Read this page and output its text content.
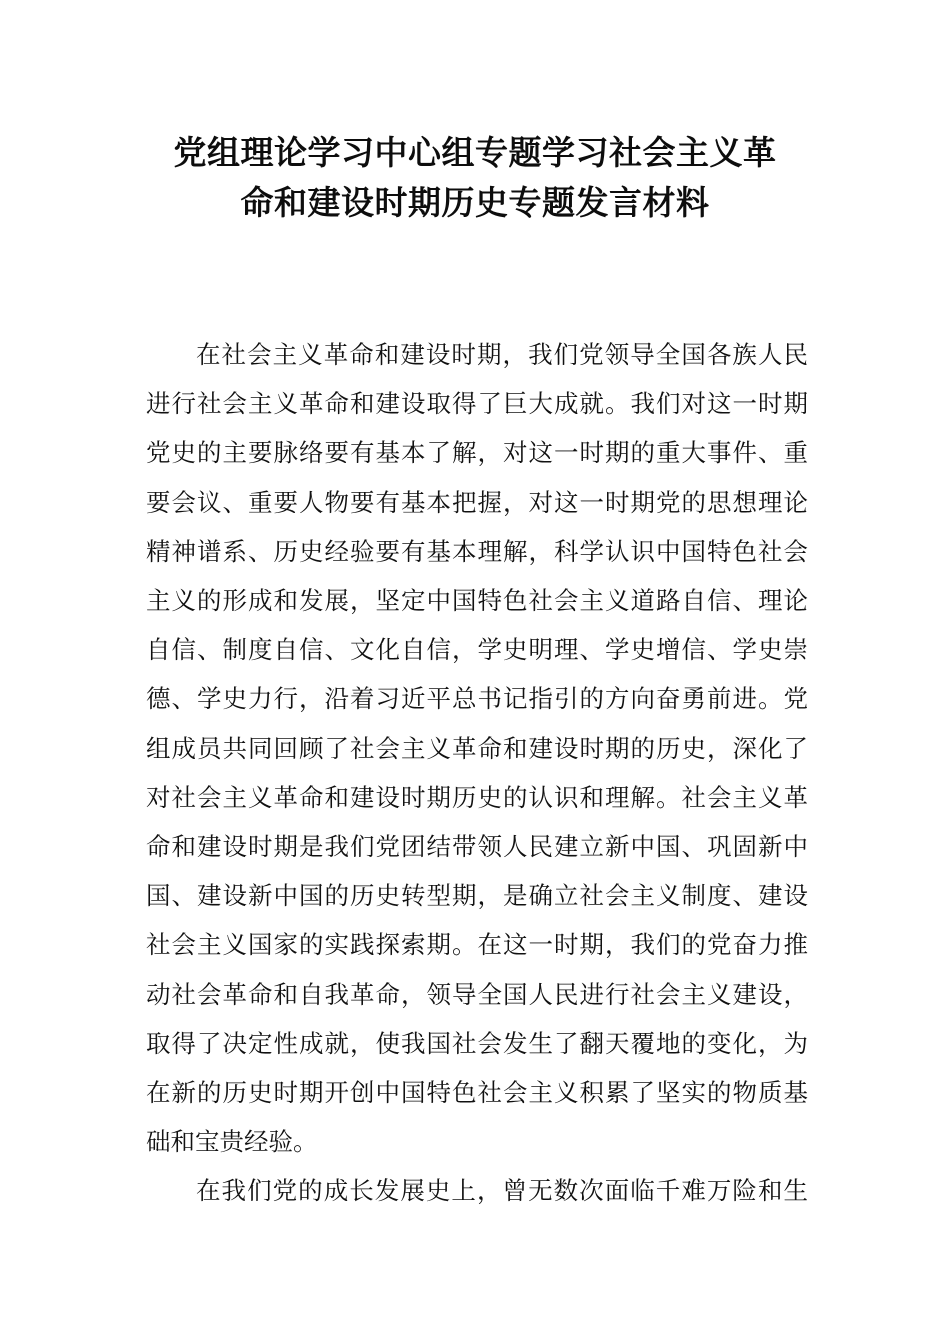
党组理论学习中心组专题学习社会主义革
命和建设时期历史专题发言材料

在社会主义革命和建设时期，我们党领导全国各族人民
进行社会主义革命和建设取得了巨大成就。我们对这一时期
党史的主要脉络要有基本了解，对这一时期的重大事件、重
要会议、重要人物要有基本把握，对这一时期党的思想理论
精神谱系、历史经验要有基本理解，科学认识中国特色社会
主义的形成和发展，坚定中国特色社会主义道路自信、理论
自信、制度自信、文化自信，学史明理、学史增信、学史崇
德、学史力行，沿着习近平总书记指引的方向奋勇前进。党
组成员共同回顾了社会主义革命和建设时期的历史，深化了
对社会主义革命和建设时期历史的认识和理解。社会主义革
命和建设时期是我们党团结带领人民建立新中国、巩固新中
国、建设新中国的历史转型期，是确立社会主义制度、建设
社会主义国家的实践探索期。在这一时期，我们的党奋力推
动社会革命和自我革命，领导全国人民进行社会主义建设，
取得了决定性成就，使我国社会发生了翻天覆地的变化，为
在新的历史时期开创中国特色社会主义积累了坚实的物质基
础和宝贵经验。

在我们党的成长发展史上，曾无数次面临千难万险和生
